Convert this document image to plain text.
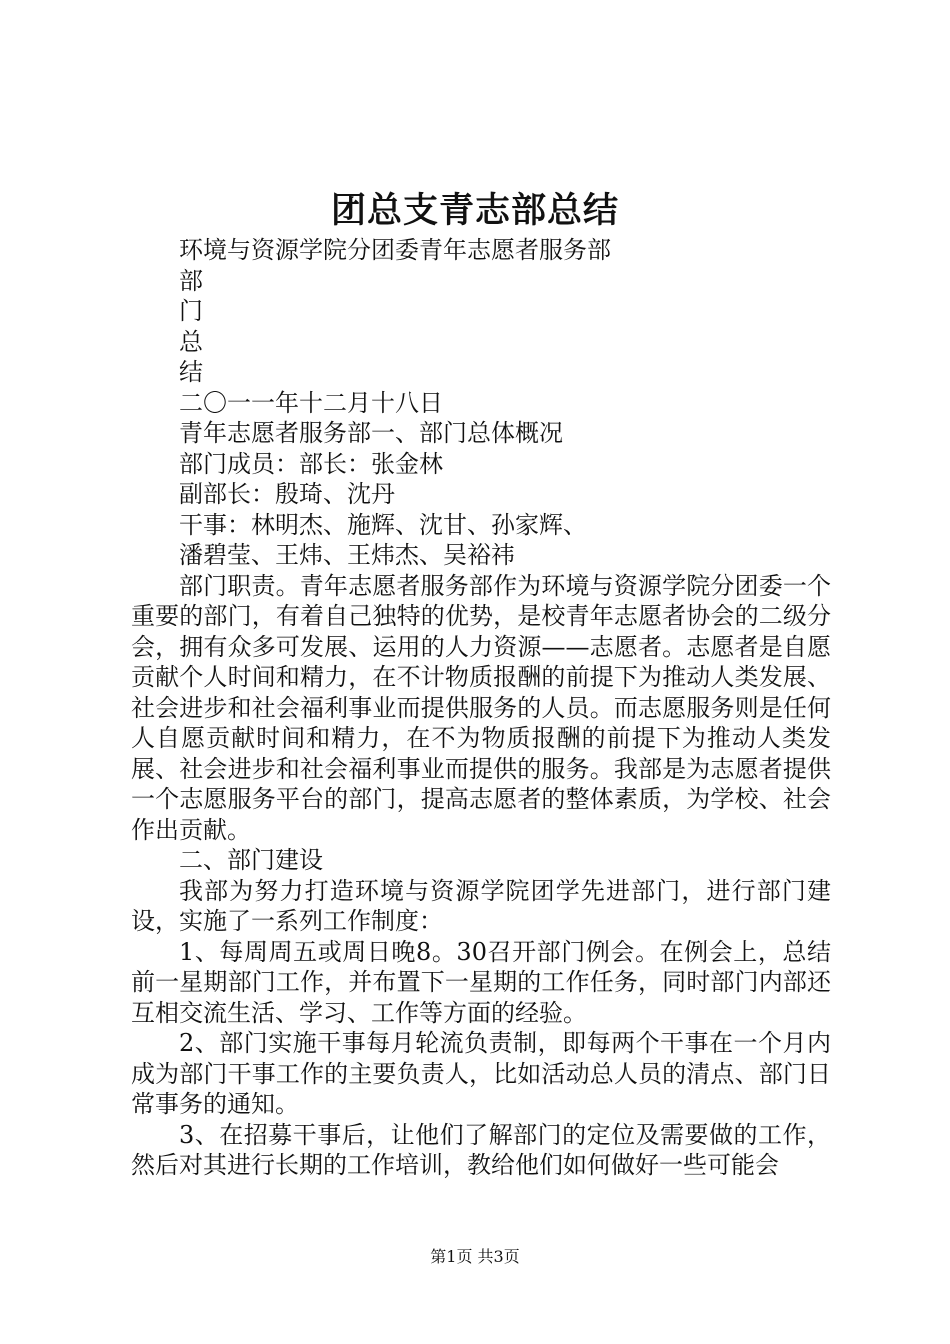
团总支青志部总结
环境与资源学院分团委青年志愿者服务部
部
门
总
结
二〇一一年十二月十八日
青年志愿者服务部一、部门总体概况
部门成员：部长：张金林
副部长：殷琦、沈丹
干事：林明杰、施辉、沈甘、孙家辉、
潘碧莹、王炜、王炜杰、吴裕祎

部门职责。青年志愿者服务部作为环境与资源学院分团委一个重要的部门，有着自己独特的优势，是校青年志愿者协会的二级分会，拥有众多可发展、运用的人力资源——志愿者。志愿者是自愿贡献个人时间和精力，在不计物质报酬的前提下为推动人类发展、社会进步和社会福利事业而提供服务的人员。而志愿服务则是任何人自愿贡献时间和精力，在不为物质报酬的前提下为推动人类发展、社会进步和社会福利事业而提供的服务。我部是为志愿者提供一个志愿服务平台的部门，提高志愿者的整体素质，为学校、社会作出贡献。

二、部门建设

我部为努力打造环境与资源学院团学先进部门，进行部门建设，实施了一系列工作制度：

1、每周周五或周日晚8。30召开部门例会。在例会上，总结前一星期部门工作，并布置下一星期的工作任务，同时部门内部还互相交流生活、学习、工作等方面的经验。

2、部门实施干事每月轮流负责制，即每两个干事在一个月内成为部门干事工作的主要负责人，比如活动总人员的清点、部门日常事务的通知。

3、在招募干事后，让他们了解部门的定位及需要做的工作，然后对其进行长期的工作培训，教给他们如何做好一些可能会

第1页 共3页
